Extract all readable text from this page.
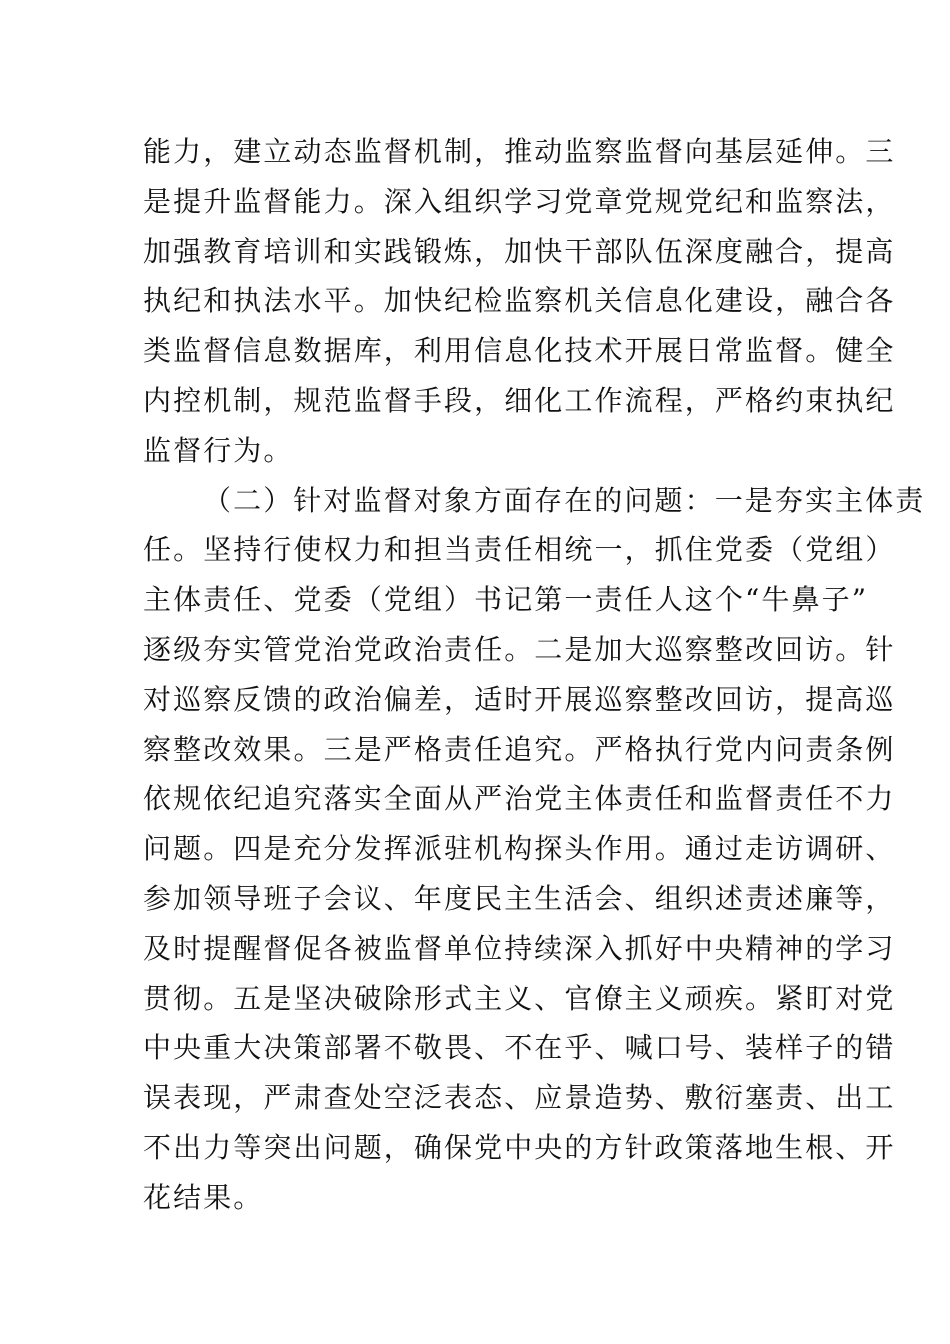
能力，建立动态监督机制，推动监察监督向基层延伸。三
是提升监督能力。深入组织学习党章党规党纪和监察法，
加强教育培训和实践锻炼，加快干部队伍深度融合，提高
执纪和执法水平。加快纪检监察机关信息化建设，融合各
类监督信息数据库，利用信息化技术开展日常监督。健全
内控机制，规范监督手段，细化工作流程，严格约束执纪
监督行为。
（二）针对监督对象方面存在的问题：一是夯实主体责
任。坚持行使权力和担当责任相统一，抓住党委（党组）
主体责任、党委（党组）书记第一责任人这个“牛鼻子”
逐级夯实管党治党政治责任。二是加大巡察整改回访。针
对巡察反馈的政治偏差，适时开展巡察整改回访，提高巡
察整改效果。三是严格责任追究。严格执行党内问责条例
依规依纪追究落实全面从严治党主体责任和监督责任不力
问题。四是充分发挥派驻机构探头作用。通过走访调研、
参加领导班子会议、年度民主生活会、组织述责述廉等，
及时提醒督促各被监督单位持续深入抓好中央精神的学习
贯彻。五是坚决破除形式主义、官僚主义顽疾。紧盯对党
中央重大决策部署不敬畏、不在乎、喊口号、装样子的错
误表现，严肃查处空泛表态、应景造势、敷衍塞责、出工
不出力等突出问题，确保党中央的方针政策落地生根、开
花结果。
